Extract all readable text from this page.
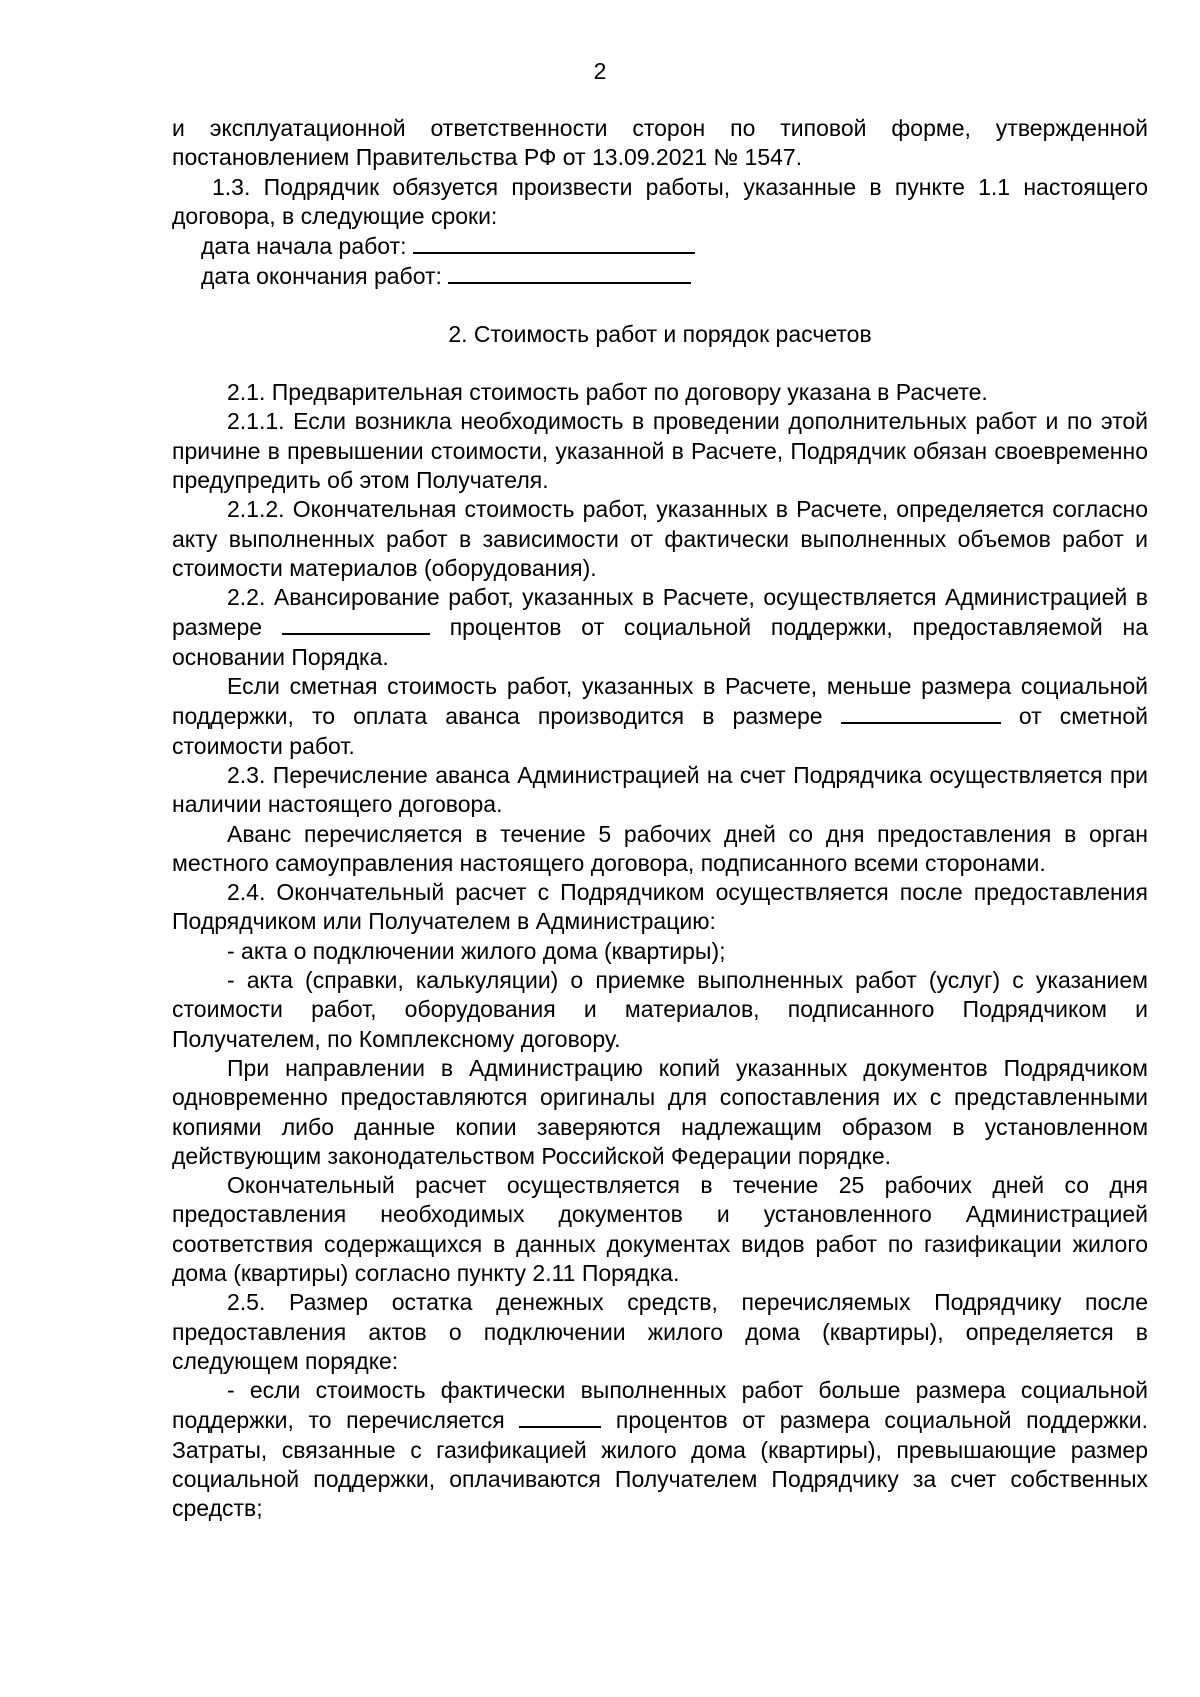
2

и эксплуатационной ответственности сторон по типовой форме, утвержденной постановлением Правительства РФ от 13.09.2021 № 1547.

1.3. Подрядчик обязуется произвести работы, указанные в пункте 1.1 настоящего договора, в следующие сроки:

дата начала работ:

дата окончания работ:

2. Стоимость работ и порядок расчетов

2.1. Предварительная стоимость работ по договору указана в Расчете.

2.1.1. Если возникла необходимость в проведении дополнительных работ и по этой причине в превышении стоимости, указанной в Расчете, Подрядчик обязан своевременно предупредить об этом Получателя.

2.1.2. Окончательная стоимость работ, указанных в Расчете, определяется согласно акту выполненных работ в зависимости от фактически выполненных объемов работ и стоимости материалов (оборудования).

2.2. Авансирование работ, указанных в Расчете, осуществляется Администрацией в размере	процентов от социальной поддержки, предоставляемой на основании Порядка.

Если сметная стоимость работ, указанных в Расчете, меньше размера социальной поддержки, то оплата аванса производится в размере	от сметной стоимости работ.

2.3. Перечисление аванса Администрацией на счет Подрядчика осуществляется при наличии настоящего договора.

Аванс перечисляется в течение 5 рабочих дней со дня предоставления в орган местного самоуправления настоящего договора, подписанного всеми сторонами.

2.4. Окончательный расчет с Подрядчиком осуществляется после предоставления Подрядчиком или Получателем в Администрацию:

- акта о подключении жилого дома (квартиры);

- акта (справки, калькуляции) о приемке выполненных работ (услуг) с указанием стоимости работ, оборудования и материалов, подписанного Подрядчиком и Получателем, по Комплексному договору.

При направлении в Администрацию копий указанных документов Подрядчиком одновременно предоставляются оригиналы для сопоставления их с представленными копиями либо данные копии заверяются надлежащим образом в установленном действующим законодательством Российской Федерации порядке.

Окончательный расчет осуществляется в течение 25 рабочих дней со дня предоставления необходимых документов и установленного Администрацией соответствия содержащихся в данных документах видов работ по газификации жилого дома (квартиры) согласно пункту 2.11 Порядка.

2.5. Размер остатка денежных средств, перечисляемых Подрядчику после предоставления актов о подключении жилого дома (квартиры), определяется в следующем порядке:

- если стоимость фактически выполненных работ больше размера социальной поддержки, то перечисляется	процентов от размера социальной поддержки. Затраты, связанные с газификацией жилого дома (квартиры), превышающие размер социальной поддержки, оплачиваются Получателем Подрядчику за счет собственных средств;
